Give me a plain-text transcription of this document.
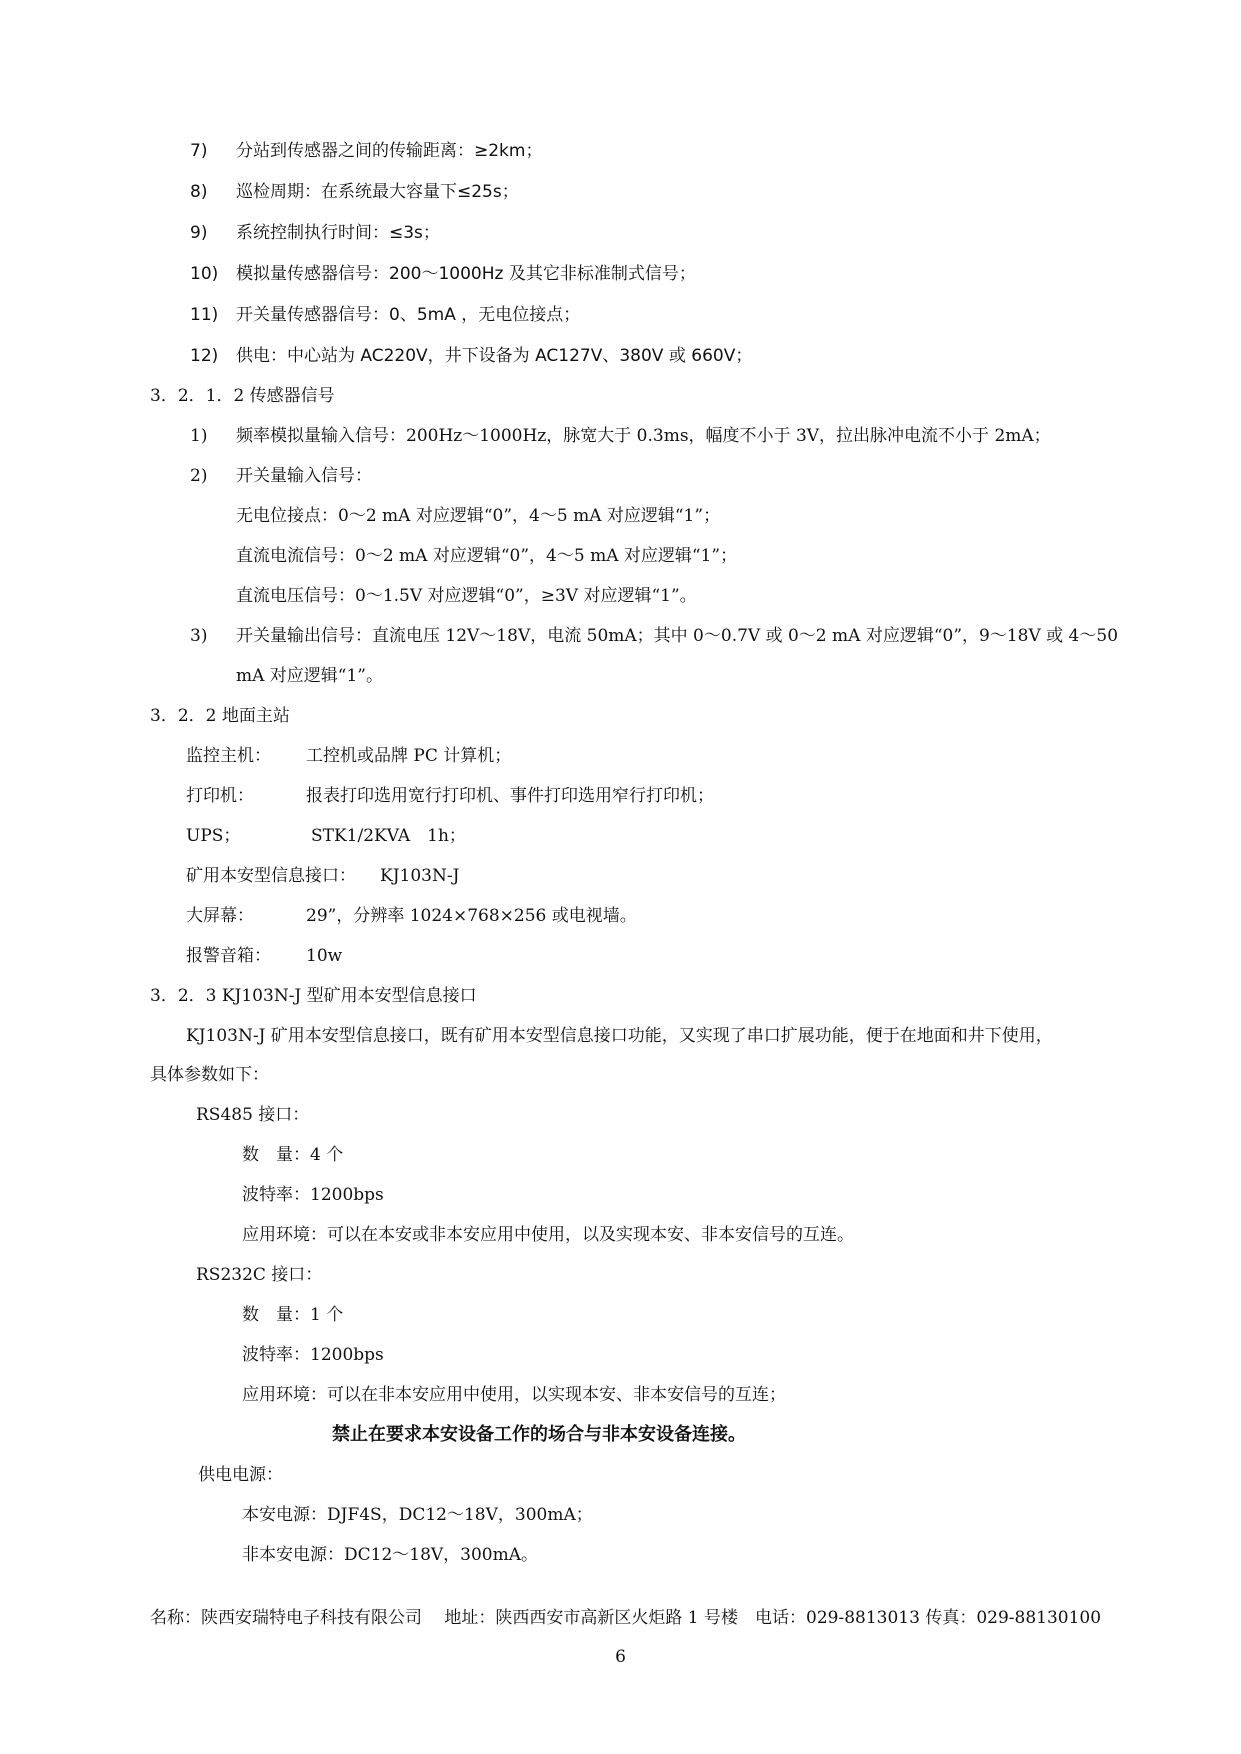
7) 分站到传感器之间的传输距离：≥2km；
8) 巡检周期：在系统最大容量下≤25s；
9) 系统控制执行时间：≤3s；
10) 模拟量传感器信号：200～1000Hz 及其它非标准制式信号；
11) 开关量传感器信号：0、5mA ，无电位接点；
12) 供电：中心站为 AC220V，井下设备为 AC127V、380V 或 660V；
3．2．1．2 传感器信号
1) 频率模拟量输入信号：200Hz～1000Hz，脉宽大于 0.3ms，幅度不小于 3V，拉出脉冲电流不小于 2mA；
2) 开关量输入信号：
无电位接点：0～2 mA 对应逻辑“0”，4～5 mA 对应逻辑“1”；
直流电流信号：0～2 mA 对应逻辑“0”，4～5 mA 对应逻辑“1”；
直流电压信号：0～1.5V 对应逻辑“0”，≥3V 对应逻辑“1”。
3) 开关量输出信号：直流电压 12V～18V，电流 50mA；其中 0～0.7V 或 0～2 mA 对应逻辑“0”，9～18V 或 4～50
mA 对应逻辑“1”。
3．2．2 地面主站
监控主机： 工控机或品牌 PC 计算机；
打印机：	报表打印选用宽行打印机、事件打印选用窄行打印机；
UPS；	STK1/2KVA　1h；
矿用本安型信息接口： KJ103N-J
大屏幕：	29”，分辨率 1024×768×256 或电视墙。
报警音箱： 10w
3．2．3 KJ103N-J 型矿用本安型信息接口
KJ103N-J 矿用本安型信息接口，既有矿用本安型信息接口功能，又实现了串口扩展功能，便于在地面和井下使用，
具体参数如下：
RS485 接口：
数　量：4 个
波特率：1200bps
应用环境：可以在本安或非本安应用中使用，以及实现本安、非本安信号的互连。
RS232C 接口：
数　量：1 个
波特率：1200bps
应用环境：可以在非本安应用中使用，以实现本安、非本安信号的互连；
禁止在要求本安设备工作的场合与非本安设备连接。
供电电源：
本安电源：DJF4S，DC12～18V，300mA；
非本安电源：DC12～18V，300mA。
名称：陕西安瑞特电子科技有限公司　 地址：陕西西安市高新区火炬路 1 号楼　电话：029-8813013 传真：029-88130100
6
